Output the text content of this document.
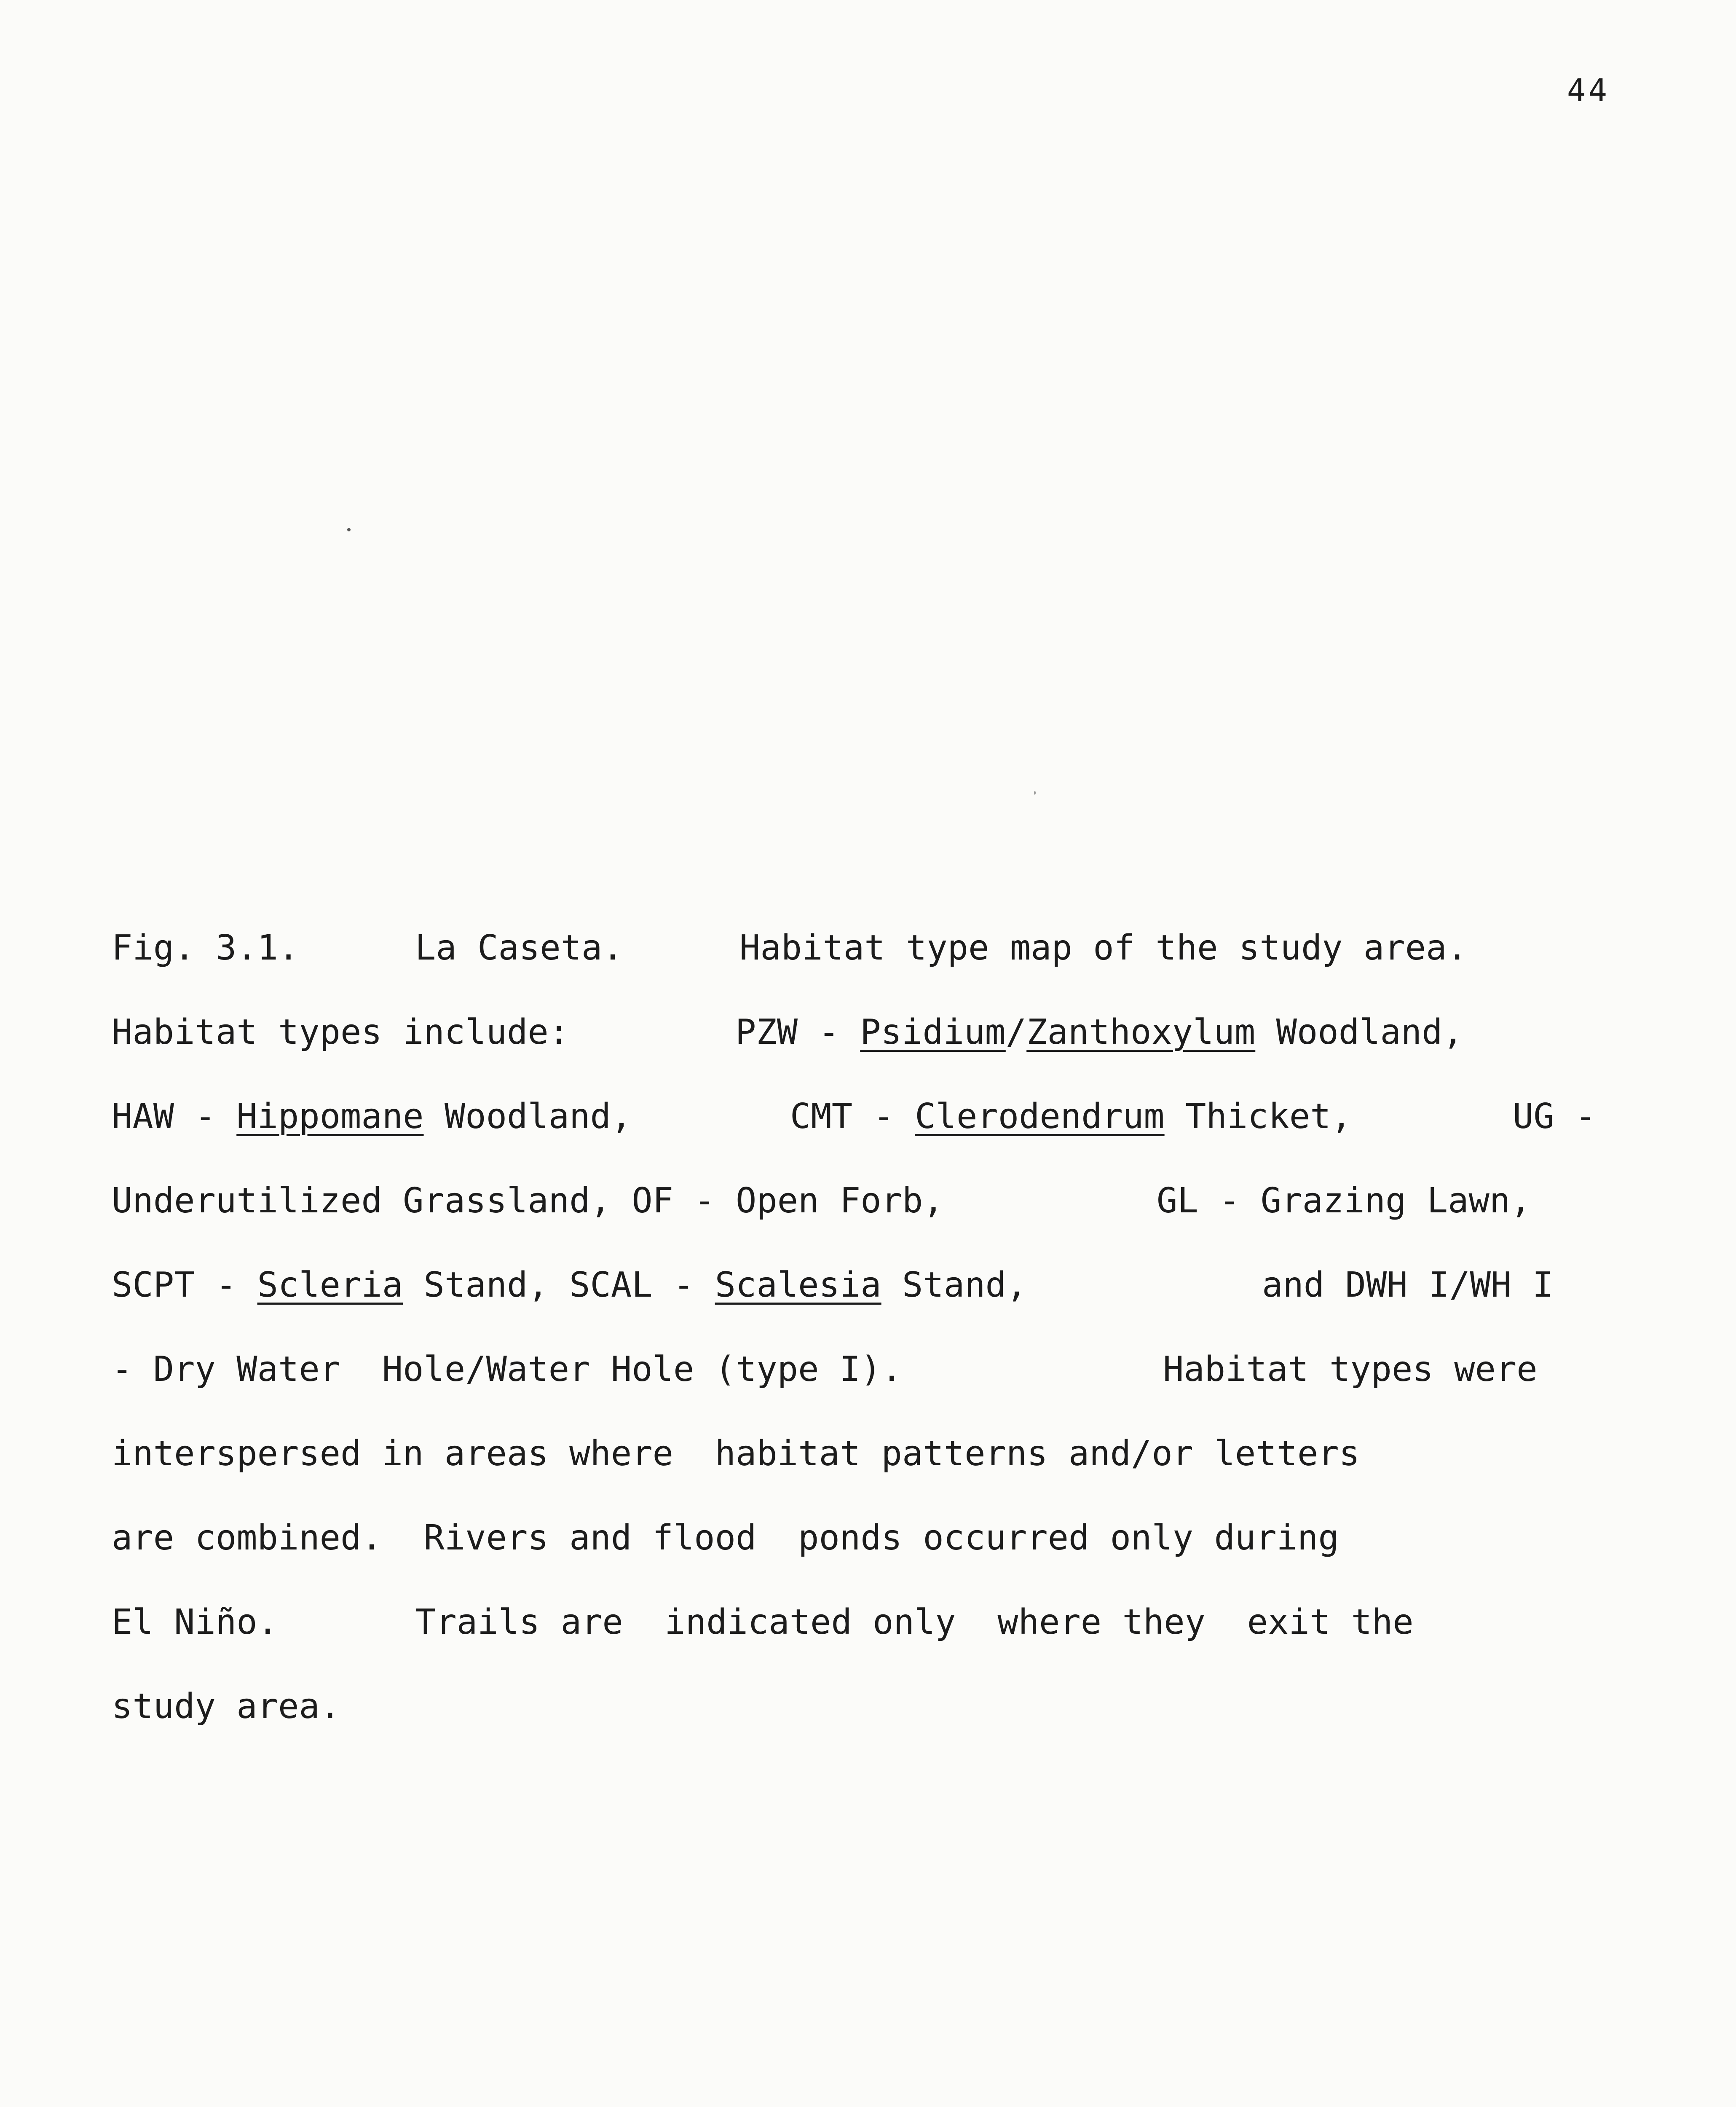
44

Fig. 3.1.

	La Caseta.

	Habitat type map of the study area.

Habitat types include:

	PZW - Psidium/Zanthoxylum Woodland,

HAW - Hippomane Woodland,

	CMT - Clerodendrum Thicket,

	UG -

Underutilized Grassland, OF - Open Forb,

	GL - Grazing Lawn,

SCPT - Scleria Stand, SCAL - Scalesia Stand,

	and DWH I/WH I

- Dry Water  Hole/Water Hole (type I).

	Habitat types were

interspersed in areas where  habitat patterns and/or letters

are combined.  Rivers and flood  ponds occurred only during

El Niño.

	Trails are  indicated only  where they  exit the

study area.
